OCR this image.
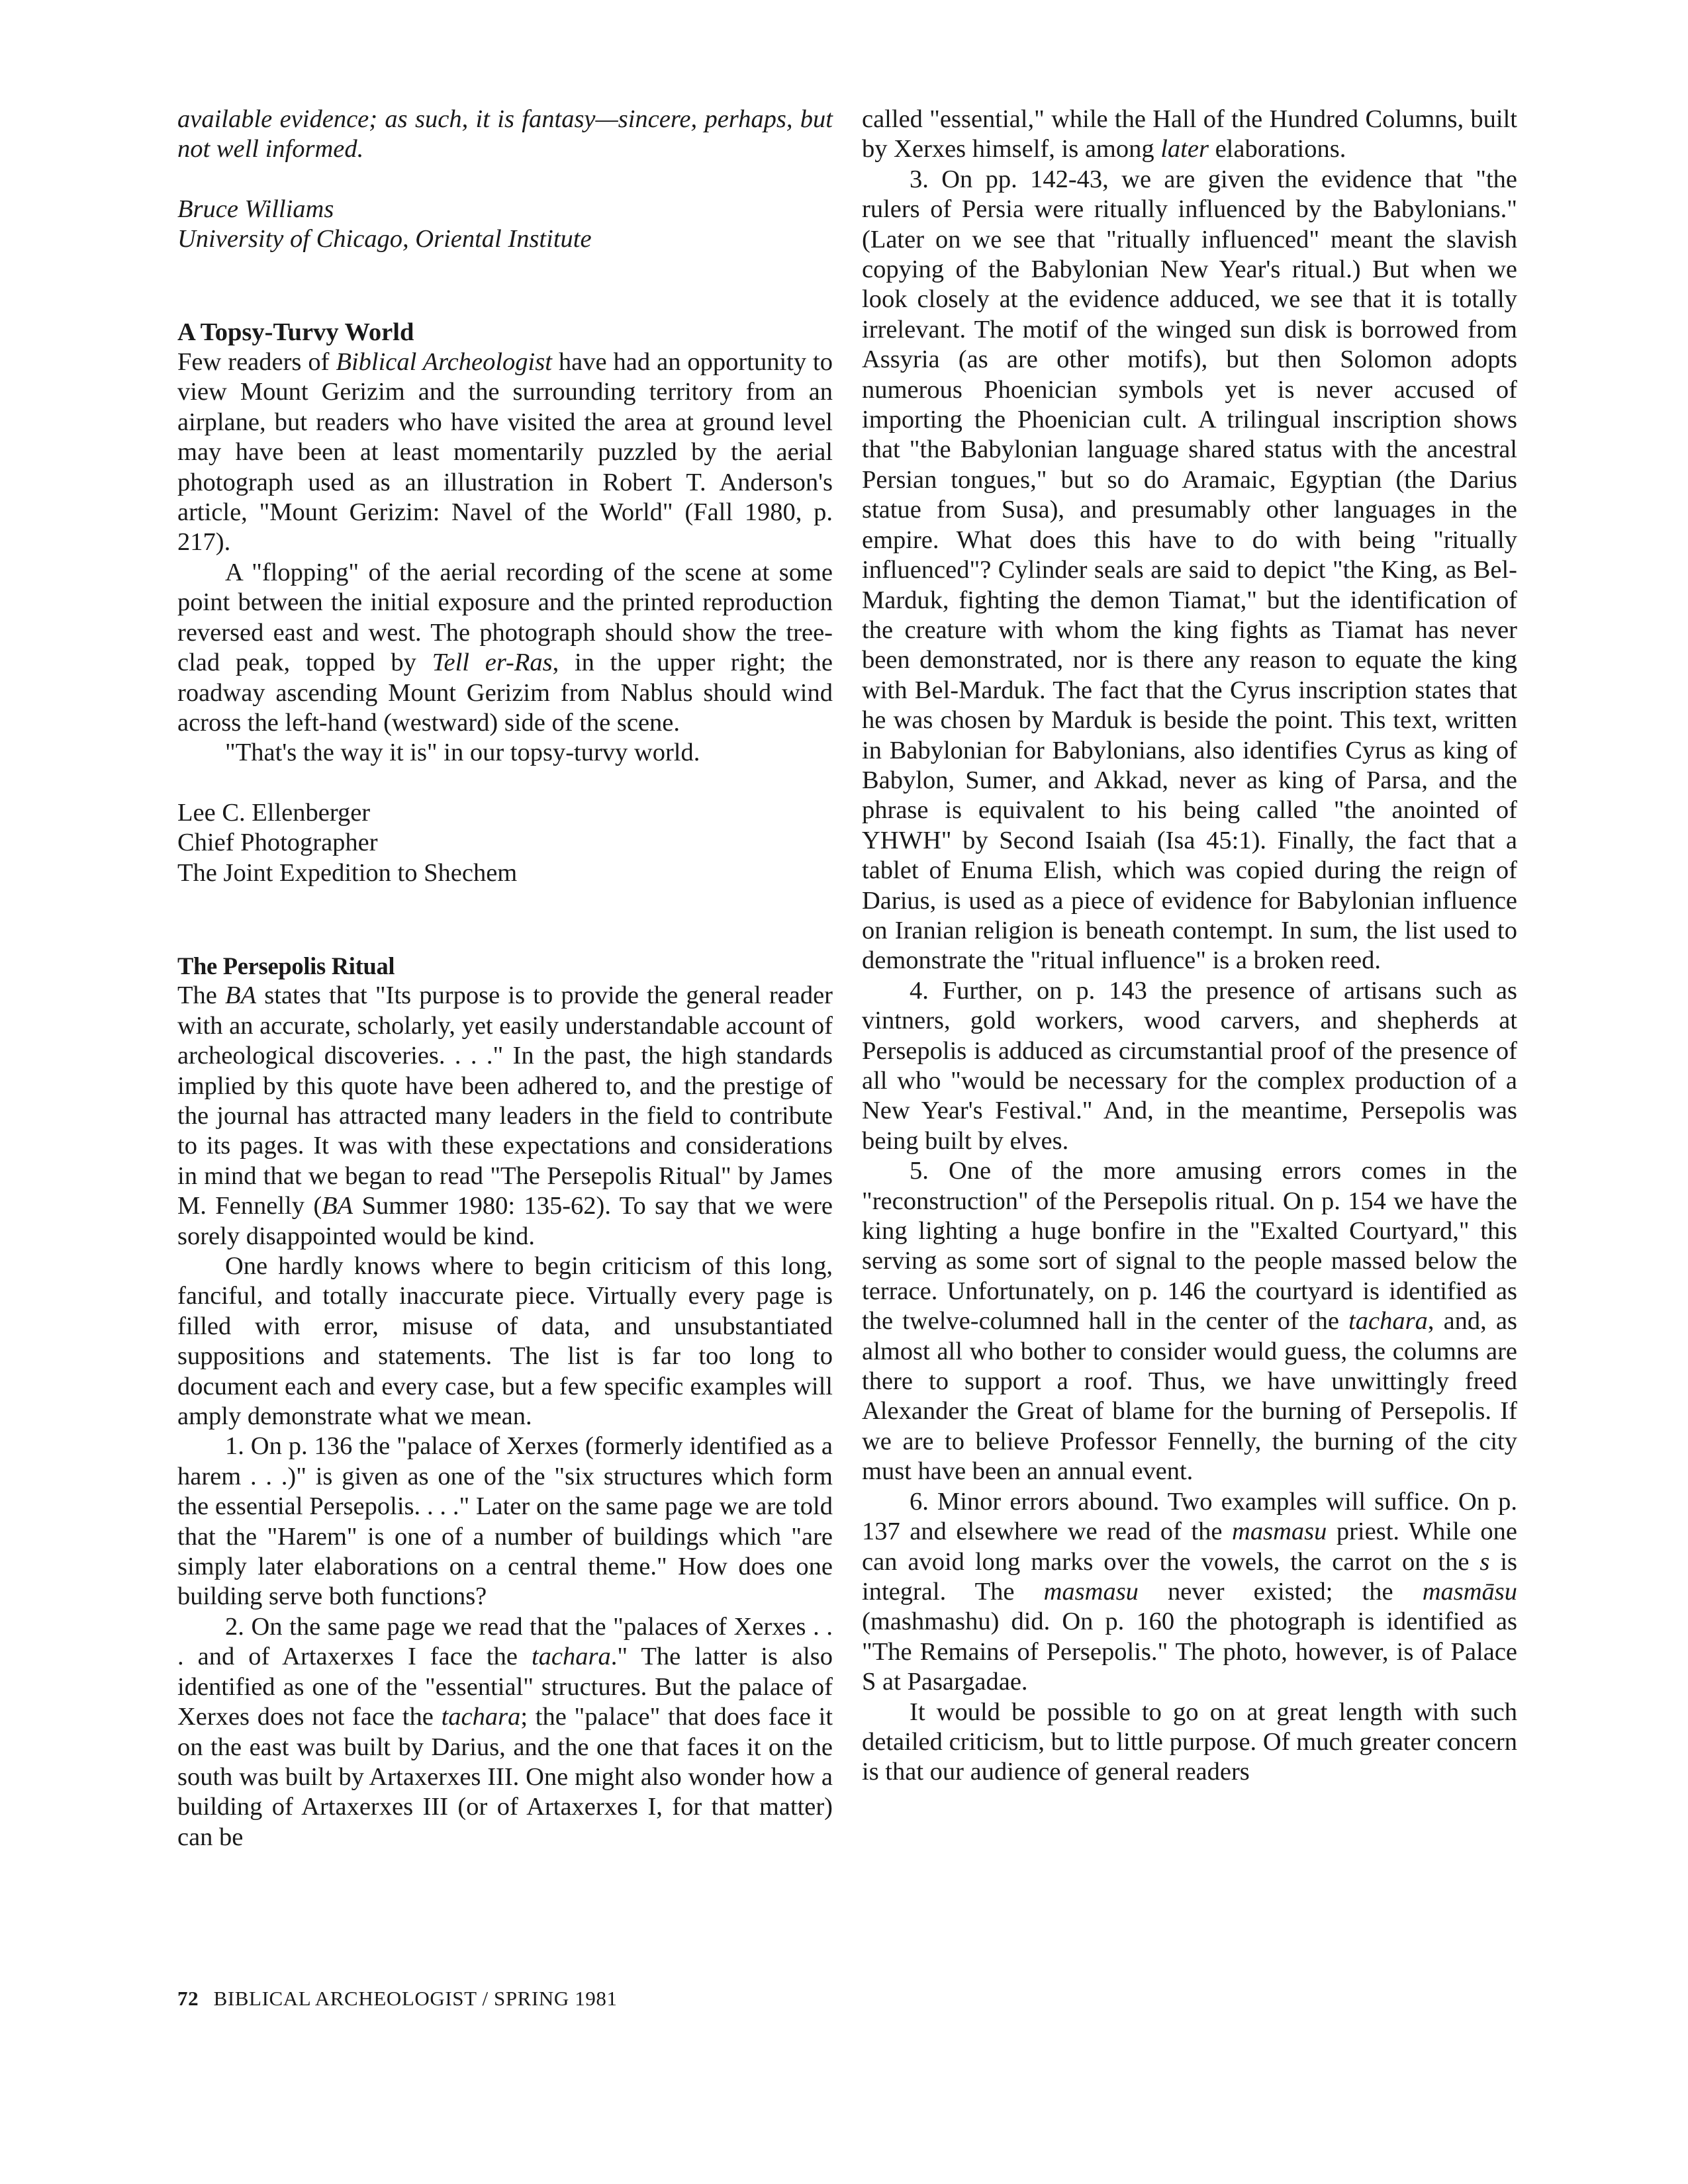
available evidence; as such, it is fantasy—sincere, perhaps, but not well informed.

Bruce Williams
University of Chicago, Oriental Institute

A Topsy-Turvy World

Few readers of Biblical Archeologist have had an opportunity to view Mount Gerizim and the surrounding territory from an airplane, but readers who have visited the area at ground level may have been at least momentarily puzzled by the aerial photograph used as an illustration in Robert T. Anderson's article, "Mount Gerizim: Navel of the World" (Fall 1980, p. 217).

A "flopping" of the aerial recording of the scene at some point between the initial exposure and the printed reproduction reversed east and west. The photograph should show the tree-clad peak, topped by Tell er-Ras, in the upper right; the roadway ascending Mount Gerizim from Nablus should wind across the left-hand (westward) side of the scene.

"That's the way it is" in our topsy-turvy world.

Lee C. Ellenberger
Chief Photographer
The Joint Expedition to Shechem

The Persepolis Ritual

The BA states that "Its purpose is to provide the general reader with an accurate, scholarly, yet easily understandable account of archeological discoveries. . . ." In the past, the high standards implied by this quote have been adhered to, and the prestige of the journal has attracted many leaders in the field to contribute to its pages. It was with these expectations and considerations in mind that we began to read "The Persepolis Ritual" by James M. Fennelly (BA Summer 1980: 135-62). To say that we were sorely disappointed would be kind.

One hardly knows where to begin criticism of this long, fanciful, and totally inaccurate piece. Virtually every page is filled with error, misuse of data, and unsubstantiated suppositions and statements. The list is far too long to document each and every case, but a few specific examples will amply demonstrate what we mean.

1. On p. 136 the "palace of Xerxes (formerly identified as a harem . . .)" is given as one of the "six structures which form the essential Persepolis. . . ." Later on the same page we are told that the "Harem" is one of a number of buildings which "are simply later elaborations on a central theme." How does one building serve both functions?

2. On the same page we read that the "palaces of Xerxes . . . and of Artaxerxes I face the tachara." The latter is also identified as one of the "essential" structures. But the palace of Xerxes does not face the tachara; the "palace" that does face it on the east was built by Darius, and the one that faces it on the south was built by Artaxerxes III. One might also wonder how a building of Artaxerxes III (or of Artaxerxes I, for that matter) can be

called "essential," while the Hall of the Hundred Columns, built by Xerxes himself, is among later elaborations.

3. On pp. 142-43, we are given the evidence that "the rulers of Persia were ritually influenced by the Babylonians." (Later on we see that "ritually influenced" meant the slavish copying of the Babylonian New Year's ritual.) But when we look closely at the evidence adduced, we see that it is totally irrelevant. The motif of the winged sun disk is borrowed from Assyria (as are other motifs), but then Solomon adopts numerous Phoenician symbols yet is never accused of importing the Phoenician cult. A trilingual inscription shows that "the Babylonian language shared status with the ancestral Persian tongues," but so do Aramaic, Egyptian (the Darius statue from Susa), and presumably other languages in the empire. What does this have to do with being "ritually influenced"? Cylinder seals are said to depict "the King, as Bel-Marduk, fighting the demon Tiamat," but the identification of the creature with whom the king fights as Tiamat has never been demonstrated, nor is there any reason to equate the king with Bel-Marduk. The fact that the Cyrus inscription states that he was chosen by Marduk is beside the point. This text, written in Babylonian for Babylonians, also identifies Cyrus as king of Babylon, Sumer, and Akkad, never as king of Parsa, and the phrase is equivalent to his being called "the anointed of YHWH" by Second Isaiah (Isa 45:1). Finally, the fact that a tablet of Enuma Elish, which was copied during the reign of Darius, is used as a piece of evidence for Babylonian influence on Iranian religion is beneath contempt. In sum, the list used to demonstrate the "ritual influence" is a broken reed.

4. Further, on p. 143 the presence of artisans such as vintners, gold workers, wood carvers, and shepherds at Persepolis is adduced as circumstantial proof of the presence of all who "would be necessary for the complex production of a New Year's Festival." And, in the meantime, Persepolis was being built by elves.

5. One of the more amusing errors comes in the "reconstruction" of the Persepolis ritual. On p. 154 we have the king lighting a huge bonfire in the "Exalted Courtyard," this serving as some sort of signal to the people massed below the terrace. Unfortunately, on p. 146 the courtyard is identified as the twelve-columned hall in the center of the tachara, and, as almost all who bother to consider would guess, the columns are there to support a roof. Thus, we have unwittingly freed Alexander the Great of blame for the burning of Persepolis. If we are to believe Professor Fennelly, the burning of the city must have been an annual event.

6. Minor errors abound. Two examples will suffice. On p. 137 and elsewhere we read of the masmasu priest. While one can avoid long marks over the vowels, the carrot on the s is integral. The masmasu never existed; the masmāsu (mashmashu) did. On p. 160 the photograph is identified as "The Remains of Persepolis." The photo, however, is of Palace S at Pasargadae.

It would be possible to go on at great length with such detailed criticism, but to little purpose. Of much greater concern is that our audience of general readers

72 BIBLICAL ARCHEOLOGIST / SPRING 1981
